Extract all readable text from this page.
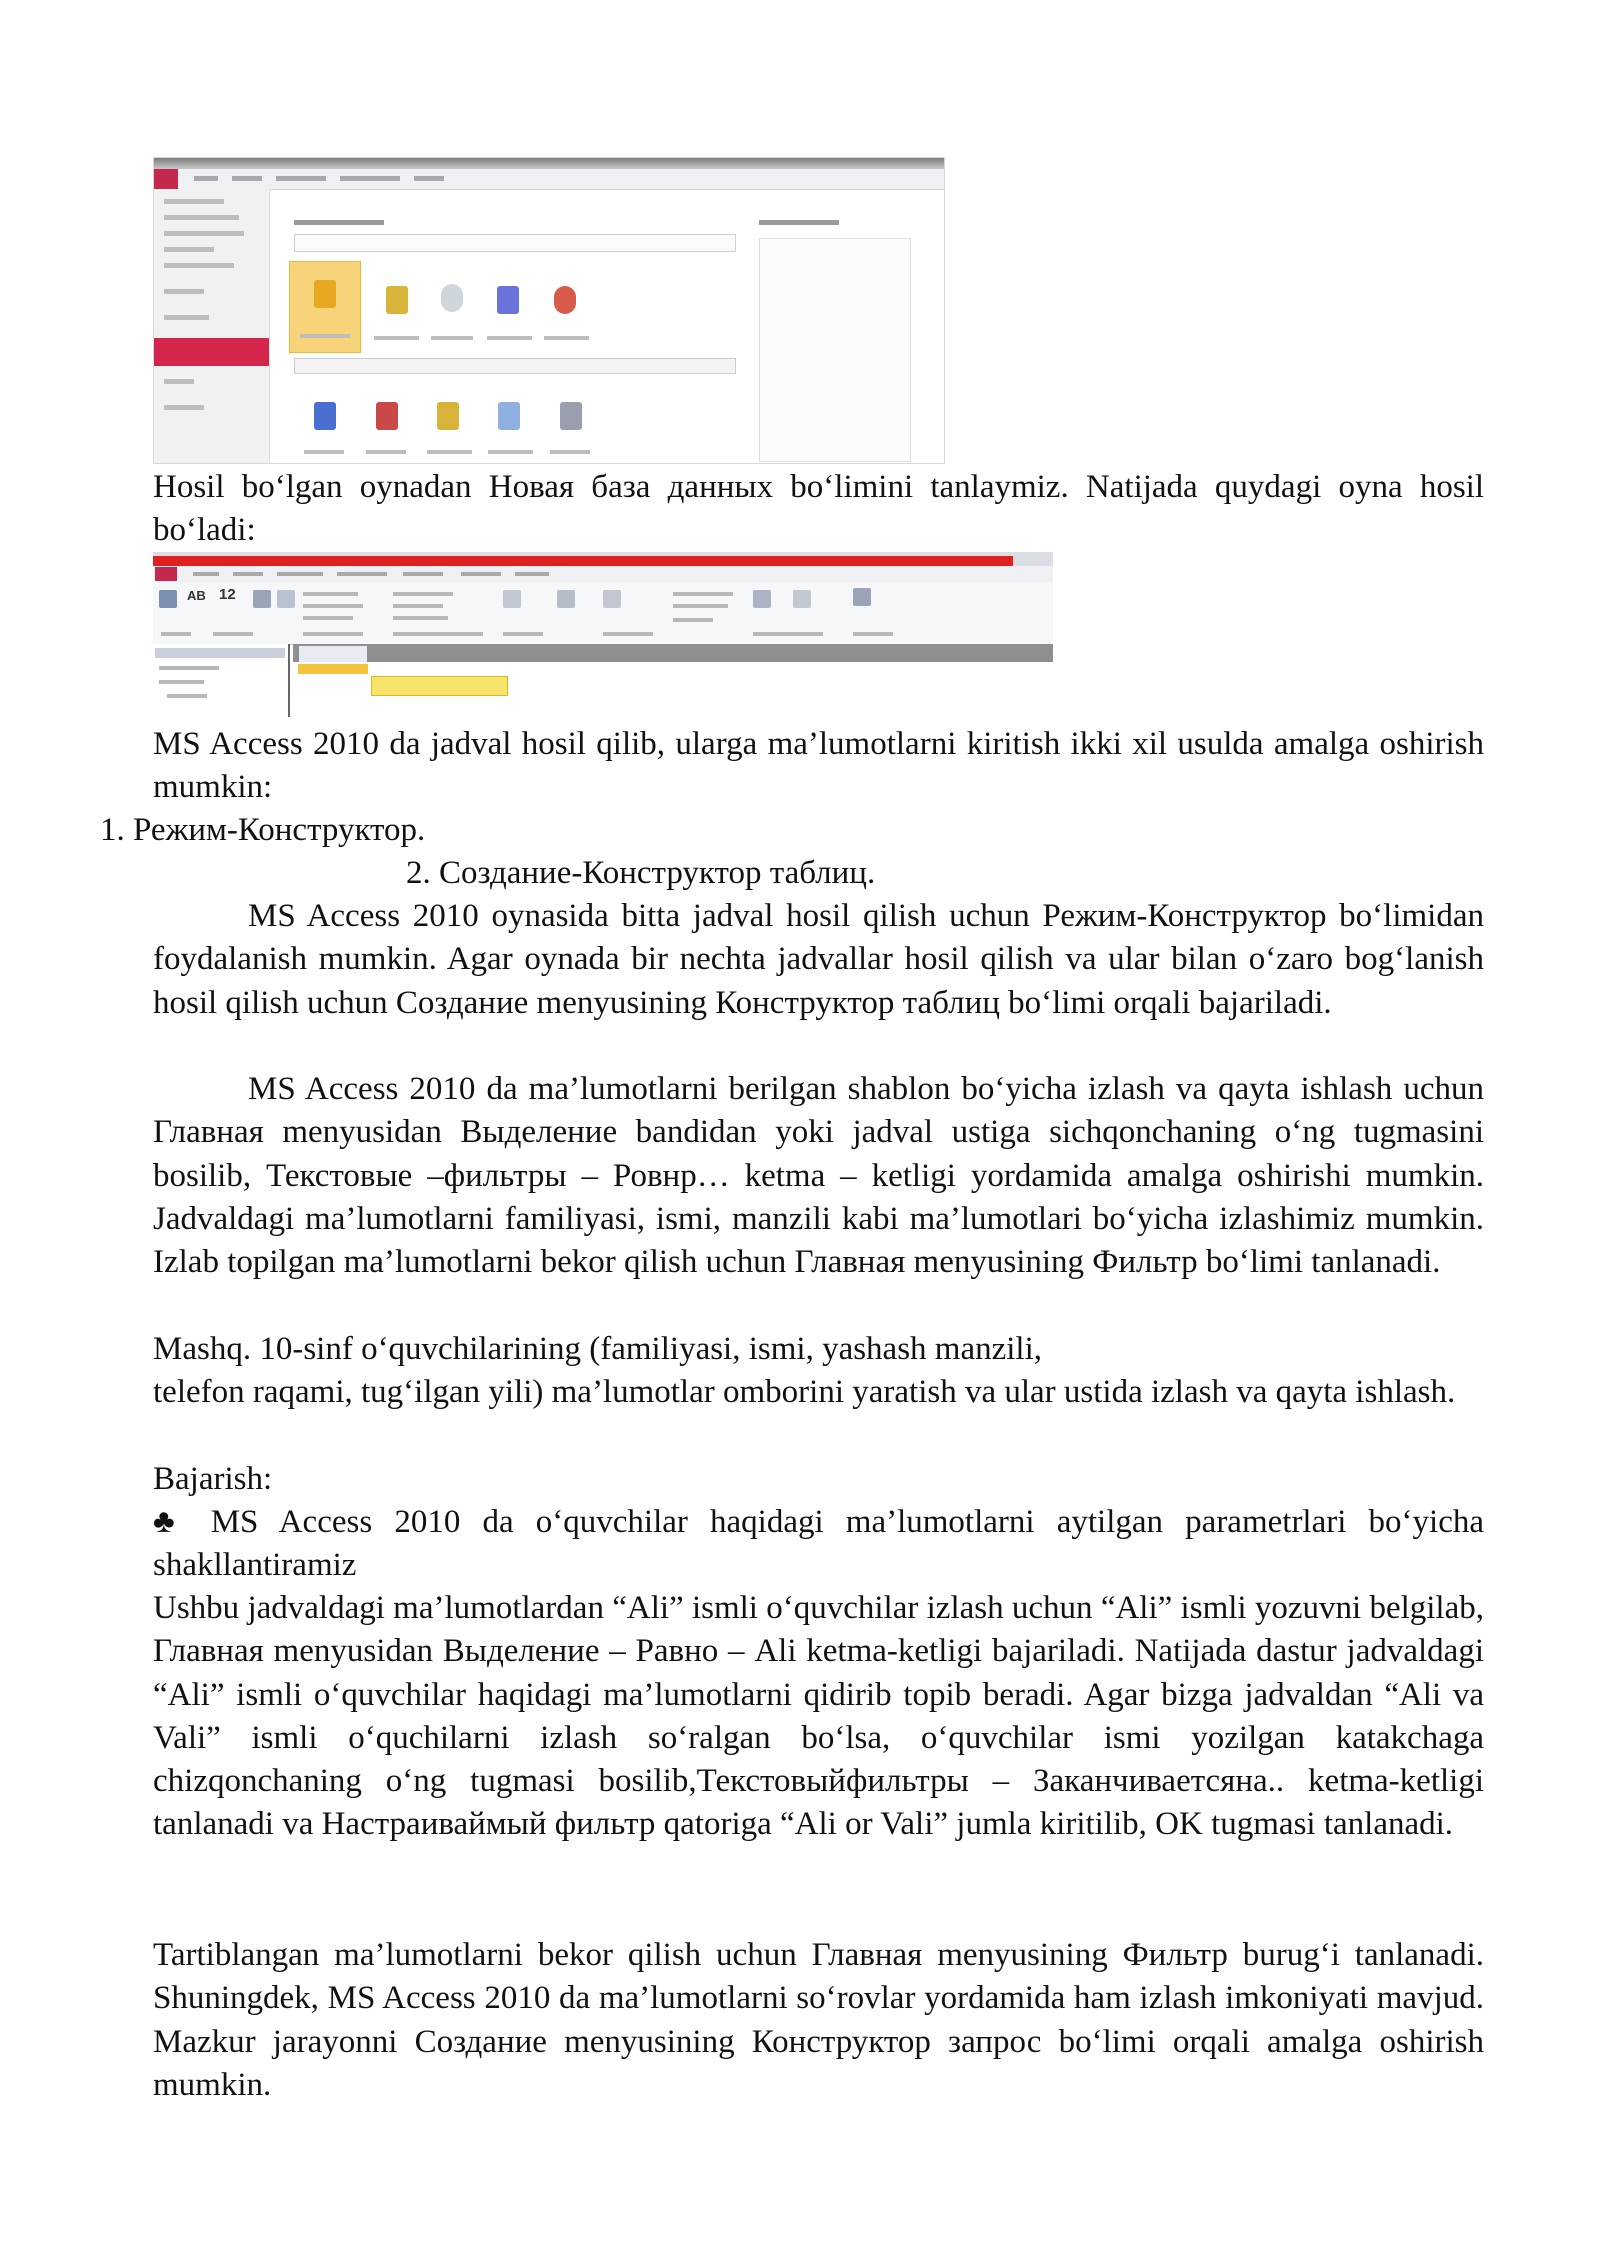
Hosil boʻlgan oynadan Новая база данных boʻlimini tanlaymiz. Natijada quydagi oyna hosil boʻladi:
AB 12
MS Access 2010 da jadval hosil qilib, ularga ma’lumotlarni kiritish ikki xil usulda amalga oshirish mumkin:
1. Режим-Конструктор.
2. Создание-Конструктор таблиц.
MS Access 2010 oynasida bitta jadval hosil qilish uchun Режим-Конструктор boʻlimidan foydalanish mumkin. Agar oynada bir nechta jadvallar hosil qilish va ular bilan oʻzaro bogʻlanish hosil qilish uchun Создание menyusining Конструктор таблиц boʻlimi orqali bajariladi.
MS Access 2010 da ma’lumotlarni berilgan shablon boʻyicha izlash va qayta ishlash uchun Главная menyusidan Выделение bandidan yoki jadval ustiga sichqonchaning oʻng tugmasini bosilib, Текстовые –фильтры – Ровнр… ketma – ketligi yordamida amalga oshirishi mumkin. Jadvaldagi ma’lumotlarni familiyasi, ismi, manzili kabi ma’lumotlari boʻyicha izlashimiz mumkin. Izlab topilgan ma’lumotlarni bekor qilish uchun Главная menyusining Фильтр boʻlimi tanlanadi.
Mashq. 10-sinf oʻquvchilarining (familiyasi, ismi, yashash manzili,
telefon raqami, tugʻilgan yili) ma’lumotlar omborini yaratish va ular ustida izlash va qayta ishlash.
Bajarish:
♣ MS Access 2010 da oʻquvchilar haqidagi ma’lumotlarni aytilgan parametrlari boʻyicha shakllantiramiz
Ushbu jadvaldagi ma’lumotlardan “Ali” ismli oʻquvchilar izlash uchun “Ali” ismli yozuvni belgilab, Главная menyusidan Выделение – Равно – Ali ketma-ketligi bajariladi. Natijada dastur jadvaldagi “Ali” ismli oʻquvchilar haqidagi ma’lumotlarni qidirib topib beradi. Agar bizga jadvaldan “Ali va Vali” ismli oʻquchilarni izlash soʻralgan boʻlsa, oʻquvchilar ismi yozilgan katakchaga chizqonchaning oʻng tugmasi bosilib,Текстовыйфильтры – Заканчиваетсяна.. ketma-ketligi tanlanadi va Настраиваймый фильтр qatoriga “Ali or Vali” jumla kiritilib, OK tugmasi tanlanadi.
Tartiblangan ma’lumotlarni bekor qilish uchun Главная menyusining Фильтр burugʻi tanlanadi. Shuningdek, MS Access 2010 da ma’lumotlarni soʻrovlar yordamida ham izlash imkoniyati mavjud. Mazkur jarayonni Создание menyusining Конструктор запрос boʻlimi orqali amalga oshirish mumkin.
